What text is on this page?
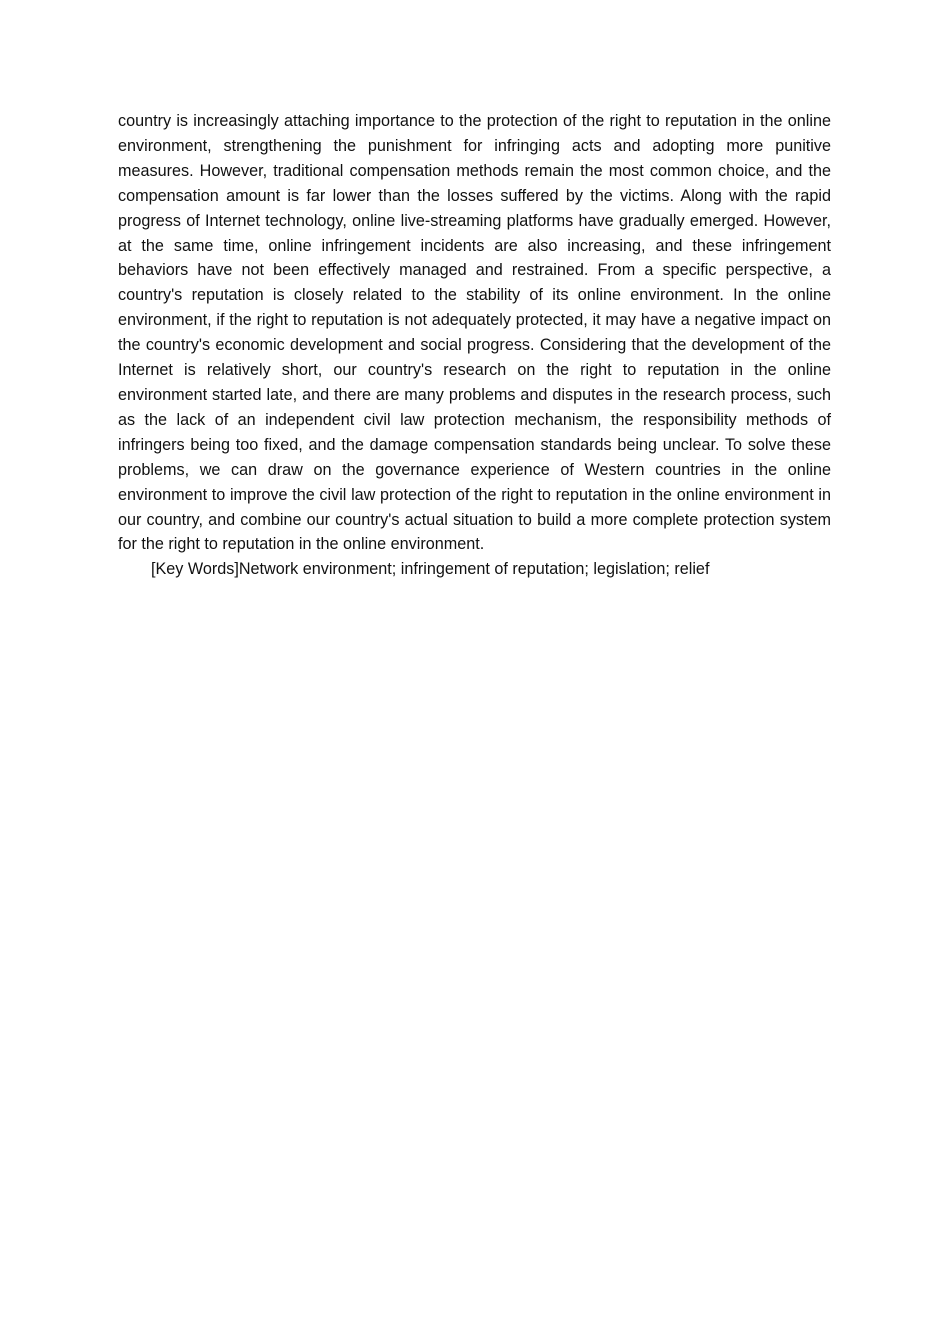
country is increasingly attaching importance to the protection of the right to reputation in the online environment, strengthening the punishment for infringing acts and adopting more punitive measures. However, traditional compensation methods remain the most common choice, and the compensation amount is far lower than the losses suffered by the victims. Along with the rapid progress of Internet technology, online live-streaming platforms have gradually emerged. However, at the same time, online infringement incidents are also increasing, and these infringement behaviors have not been effectively managed and restrained. From a specific perspective, a country's reputation is closely related to the stability of its online environment. In the online environment, if the right to reputation is not adequately protected, it may have a negative impact on the country's economic development and social progress. Considering that the development of the Internet is relatively short, our country's research on the right to reputation in the online environment started late, and there are many problems and disputes in the research process, such as the lack of an independent civil law protection mechanism, the responsibility methods of infringers being too fixed, and the damage compensation standards being unclear. To solve these problems, we can draw on the governance experience of Western countries in the online environment to improve the civil law protection of the right to reputation in the online environment in our country, and combine our country's actual situation to build a more complete protection system for the right to reputation in the online environment.

[Key Words]Network environment; infringement of reputation; legislation; relief
